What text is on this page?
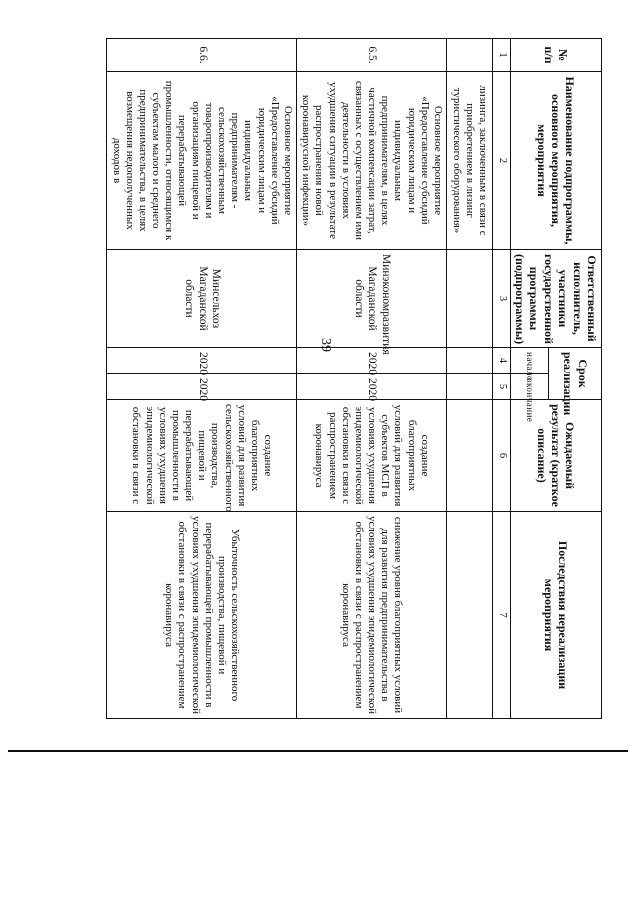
39
№ п/п	Наименование подпрограммы, основного мероприятия, мероприятия	Ответственный исполнитель, участники государственной программы (подпрограммы)	Срок реализации		Ожидаемый результат (краткое описание)	Последствия нереализации мероприятия
			начало	окончание		
1	2	3	4	5	6	7
	лизинга, заключенным в связи с приобретением в лизинг туристического оборудования»					
6.5.	Основное мероприятие «Предоставление субсидий юридическим лицам и индивидуальным предпринимателям, в целях частичной компенсации затрат, связанных с осуществлением ими деятельности в условиях ухудшения ситуации в результате распространения новой коронавирусной инфекции»	Минэкономразвития Магаданской области	2020	2020	создание благоприятных условий для развития субъектов МСП в условиях ухудшения эпидемиологической обстановки в связи с распространением коронавируса	снижение уровня благоприятных условий для развития предпринимательства в условиях ухудшения эпидемиологической обстановки в связи с распространением коронавируса
6.6.	Основное мероприятие «Предоставление субсидий юридическим лицам и индивидуальным предпринимателям - сельскохозяйственным товаропроизводителям и организациям пищевой и перерабатывающей промышленности, относящимся к субъектам малого и среднего предпринимательства, в целях возмещения недополученных доходов в	Минсельхоз Магаданской области	2020	2020	создание благоприятных условий для развития сельскохозяйственного производства, пищевой и перерабатывающей промышленности в условиях ухудшения эпидемиологической обстановки в связи с	Убыточность сельскохозяйственного производства, пищевой и перерабатывающей промышленности в условиях ухудшения эпидемиологической обстановки в связи с распространением коронавируса
